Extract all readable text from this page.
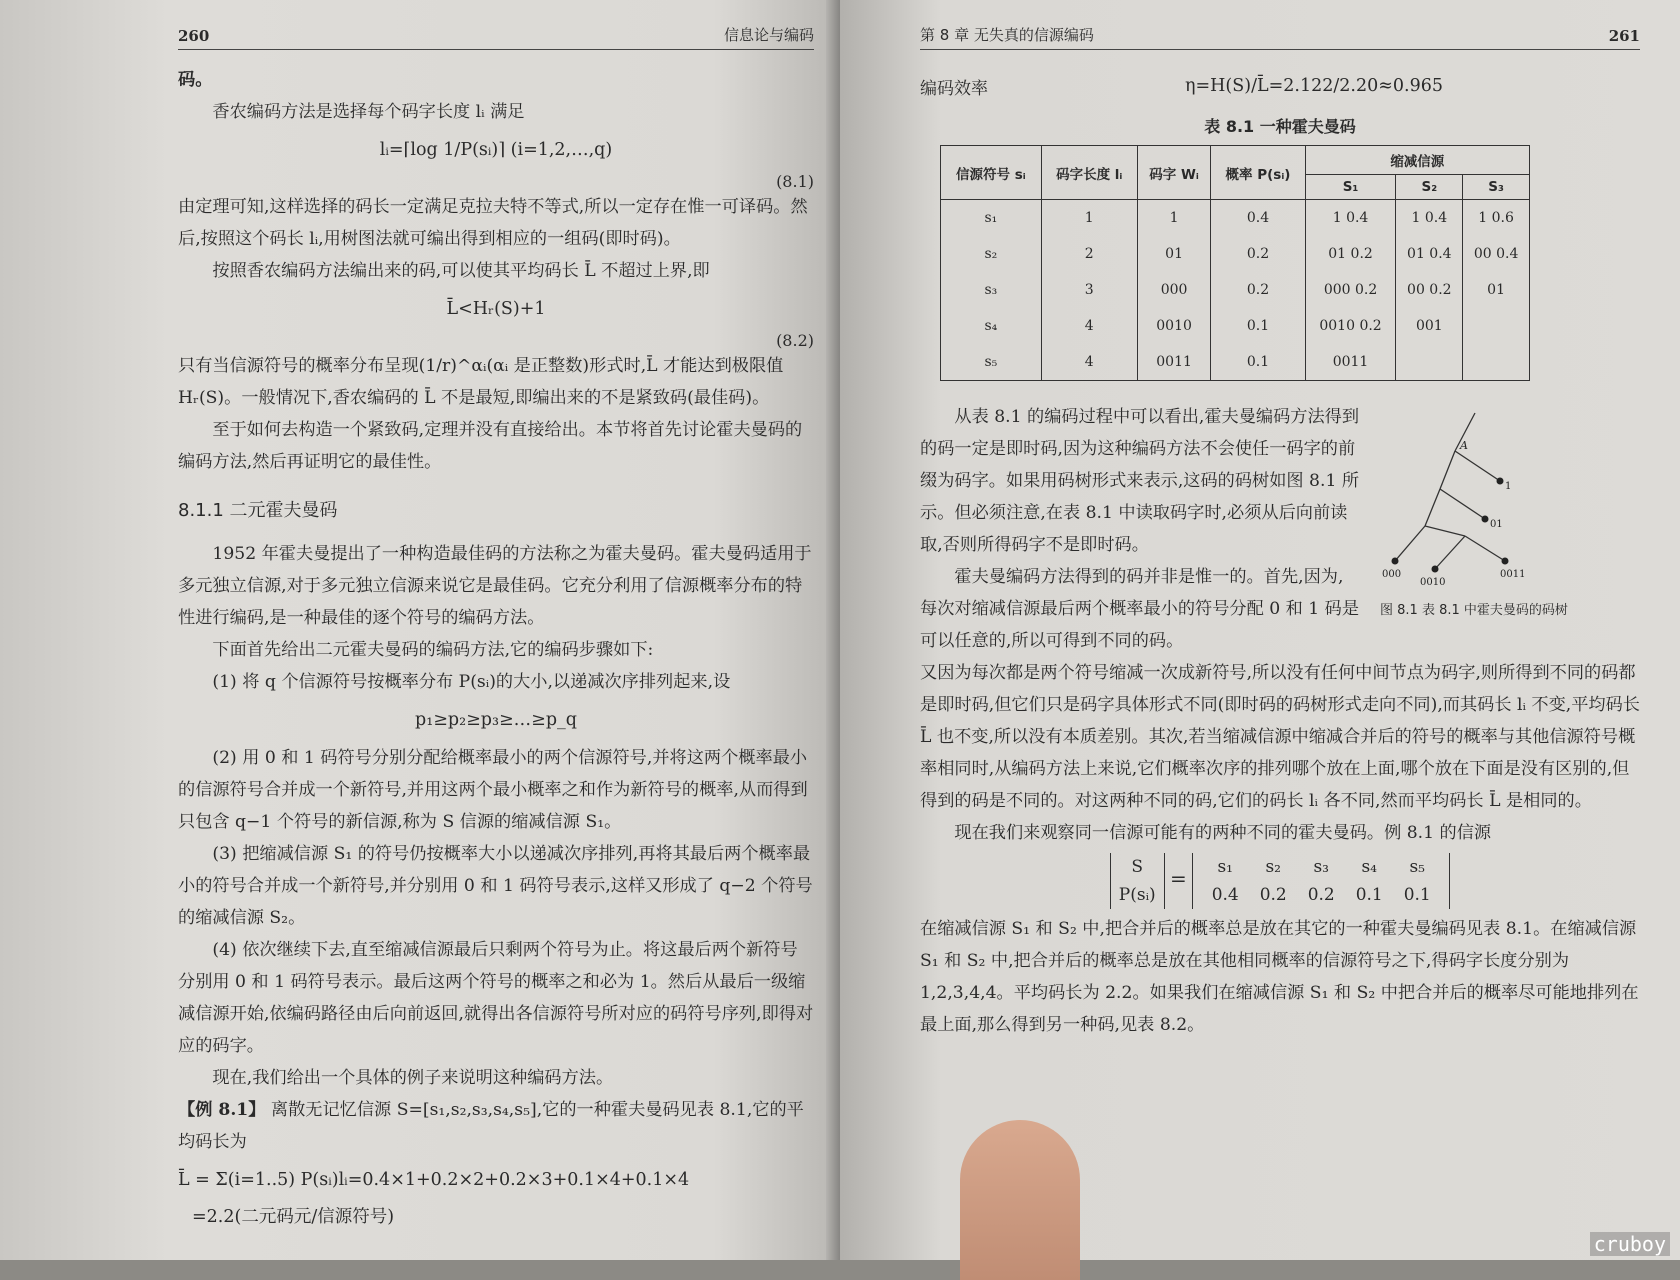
260	信息论与编码

码。

香农编码方法是选择每个码字长度 lᵢ 满足

lᵢ=⌈log 1/P(sᵢ)⌉ (i=1,2,…,q)
(8.1)

由定理可知,这样选择的码长一定满足克拉夫特不等式,所以一定存在惟一可译码。然后,按照这个码长 lᵢ,用树图法就可编出得到相应的一组码(即时码)。

按照香农编码方法编出来的码,可以使其平均码长 L̄ 不超过上界,即

L̄<Hᵣ(S)+1
(8.2)

只有当信源符号的概率分布呈现(1/r)^αᵢ(αᵢ 是正整数)形式时,L̄ 才能达到极限值 Hᵣ(S)。一般情况下,香农编码的 L̄ 不是最短,即编出来的不是紧致码(最佳码)。

至于如何去构造一个紧致码,定理并没有直接给出。本节将首先讨论霍夫曼码的编码方法,然后再证明它的最佳性。

8.1.1 二元霍夫曼码

1952 年霍夫曼提出了一种构造最佳码的方法称之为霍夫曼码。霍夫曼码适用于多元独立信源,对于多元独立信源来说它是最佳码。它充分利用了信源概率分布的特性进行编码,是一种最佳的逐个符号的编码方法。

下面首先给出二元霍夫曼码的编码方法,它的编码步骤如下:

(1) 将 q 个信源符号按概率分布 P(sᵢ)的大小,以递减次序排列起来,设

p₁≥p₂≥p₃≥…≥p_q

(2) 用 0 和 1 码符号分别分配给概率最小的两个信源符号,并将这两个概率最小的信源符号合并成一个新符号,并用这两个最小概率之和作为新符号的概率,从而得到只包含 q−1 个符号的新信源,称为 S 信源的缩减信源 S₁。

(3) 把缩减信源 S₁ 的符号仍按概率大小以递减次序排列,再将其最后两个概率最小的符号合并成一个新符号,并分别用 0 和 1 码符号表示,这样又形成了 q−2 个符号的缩减信源 S₂。

(4) 依次继续下去,直至缩减信源最后只剩两个符号为止。将这最后两个新符号分别用 0 和 1 码符号表示。最后这两个符号的概率之和必为 1。然后从最后一级缩减信源开始,依编码路径由后向前返回,就得出各信源符号所对应的码符号序列,即得对应的码字。

现在,我们给出一个具体的例子来说明这种编码方法。

【例 8.1】 离散无记忆信源 S=[s₁,s₂,s₃,s₄,s₅],它的一种霍夫曼码见表 8.1,它的平均码长为

L̄ = Σ(i=1..5) P(sᵢ)lᵢ=0.4×1+0.2×2+0.2×3+0.1×4+0.1×4
=2.2(二元码元/信源符号)
第 8 章 无失真的信源编码	261
编码效率	η=H(S)/L̄=2.122/2.20≈0.965
表 8.1 一种霍夫曼码
信源符号 sᵢ	码字长度 lᵢ	码字 Wᵢ	概率 P(sᵢ)	缩减信源		
				S₁	S₂	S₃
s₁	1	1	0.4	1 0.4	1 0.4	1 0.6
s₂	2	01	0.2	01 0.2	01 0.4	00 0.4
s₃	3	000	0.2	000 0.2	00 0.2	01
s₄	4	0010	0.1	0010 0.2	001	
s₅	4	0011	0.1	0011		

从表 8.1 的编码过程中可以看出,霍夫曼编码方法得到的码一定是即时码,因为这种编码方法不会使任一码字的前缀为码字。如果用码树形式来表示,这码的码树如图 8.1 所示。但必须注意,在表 8.1 中读取码字时,必须从后向前读取,否则所得码字不是即时码。

霍夫曼编码方法得到的码并非是惟一的。首先,因为,每次对缩减信源最后两个概率最小的符号分配 0 和 1 码是可以任意的,所以可得到不同的码。

A
1
01
000
0010
0011
图 8.1 表 8.1 中霍夫曼码的码树

又因为每次都是两个符号缩减一次成新符号,所以没有任何中间节点为码字,则所得到不同的码都是即时码,但它们只是码字具体形式不同(即时码的码树形式走向不同),而其码长 lᵢ 不变,平均码长 L̄ 也不变,所以没有本质差别。其次,若当缩减信源中缩减合并后的符号的概率与其他信源符号概率相同时,从编码方法上来说,它们概率次序的排列哪个放在上面,哪个放在下面是没有区别的,但得到的码是不同的。对这两种不同的码,它们的码长 lᵢ 各不同,然而平均码长 L̄ 是相同的。

现在我们来观察同一信源可能有的两种不同的霍夫曼码。例 8.1 的信源

S
P(sᵢ)
=	s₁ s₂ s₃ s₄ s₅
0.4 0.2 0.2 0.1 0.1

在缩减信源 S₁ 和 S₂ 中,把合并后的概率总是放在其它的一种霍夫曼编码见表 8.1。在缩减信源 S₁ 和 S₂ 中,把合并后的概率总是放在其他相同概率的信源符号之下,得码字长度分别为 1,2,3,4,4。平均码长为 2.2。如果我们在缩减信源 S₁ 和 S₂ 中把合并后的概率尽可能地排列在最上面,那么得到另一种码,见表 8.2。

cruboy
